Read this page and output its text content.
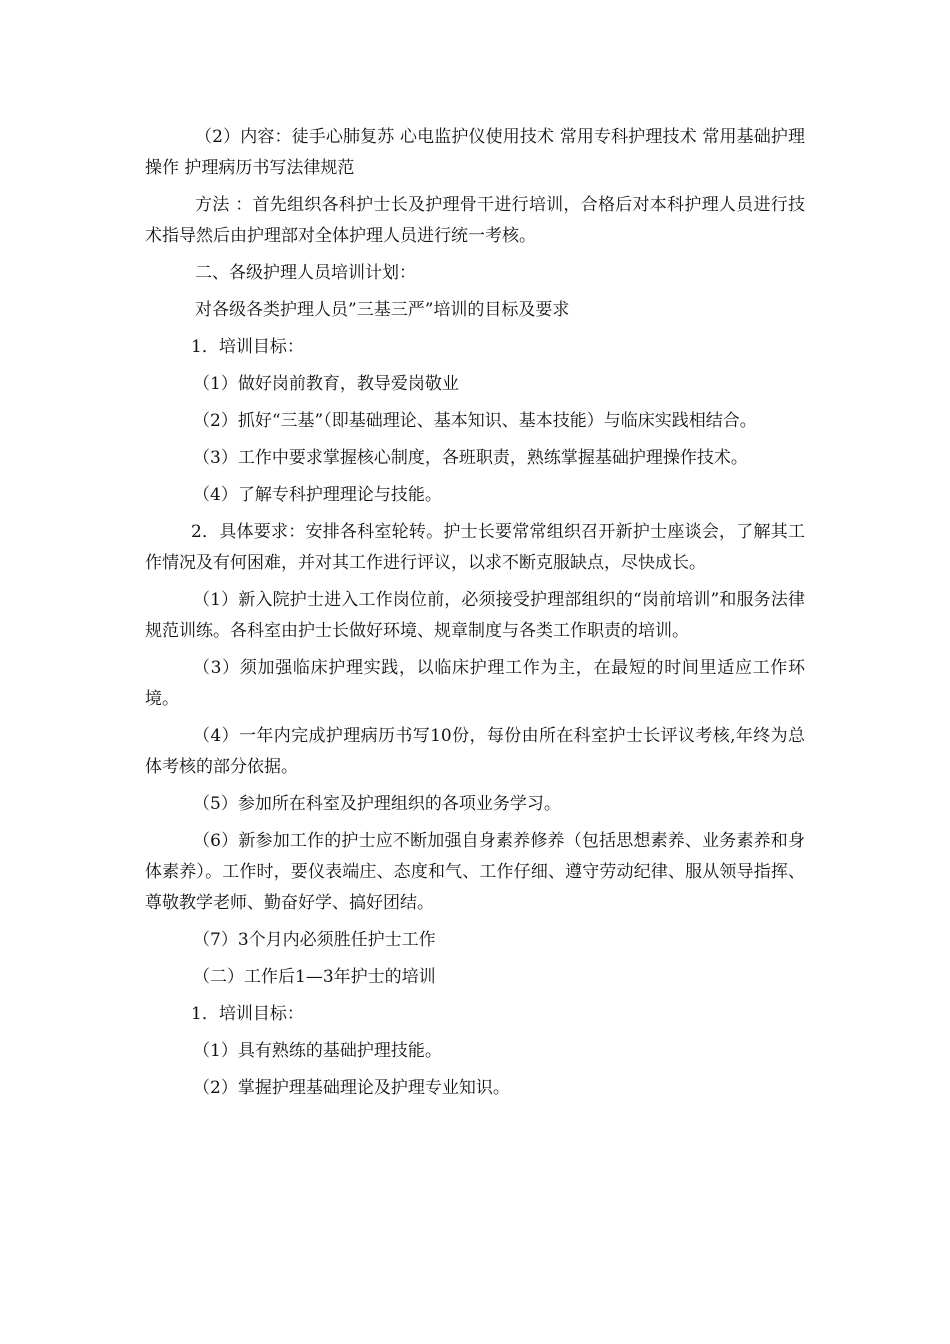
（2）内容：徒手心肺复苏 心电监护仪使用技术 常用专科护理技术 常用基础护理操作 护理病历书写法律规范

方法 ：首先组织各科护士长及护理骨干进行培训，合格后对本科护理人员进行技术指导然后由护理部对全体护理人员进行统一考核。

二、各级护理人员培训计划：

对各级各类护理人员”三基三严”培训的目标及要求

1．培训目标：

（1）做好岗前教育，教导爱岗敬业

（2）抓好“三基”（即基础理论、基本知识、基本技能）与临床实践相结合。

（3）工作中要求掌握核心制度，各班职责，熟练掌握基础护理操作技术。

（4）了解专科护理理论与技能。

2．具体要求：安排各科室轮转。护士长要常常组织召开新护士座谈会，了解其工作情况及有何困难，并对其工作进行评议，以求不断克服缺点，尽快成长。

（1）新入院护士进入工作岗位前，必须接受护理部组织的“岗前培训”和服务法律规范训练。各科室由护士长做好环境、规章制度与各类工作职责的培训。

（3）须加强临床护理实践，以临床护理工作为主，在最短的时间里适应工作环境。

（4）一年内完成护理病历书写10份，每份由所在科室护士长评议考核,年终为总体考核的部分依据。

（5）参加所在科室及护理组织的各项业务学习。

（6）新参加工作的护士应不断加强自身素养修养（包括思想素养、业务素养和身体素养）。工作时，要仪表端庄、态度和气、工作仔细、遵守劳动纪律、服从领导指挥、尊敬教学老师、勤奋好学、搞好团结。

（7）3个月内必须胜任护士工作

（二）工作后1—3年护士的培训

1．培训目标：

（1）具有熟练的基础护理技能。

（2）掌握护理基础理论及护理专业知识。
